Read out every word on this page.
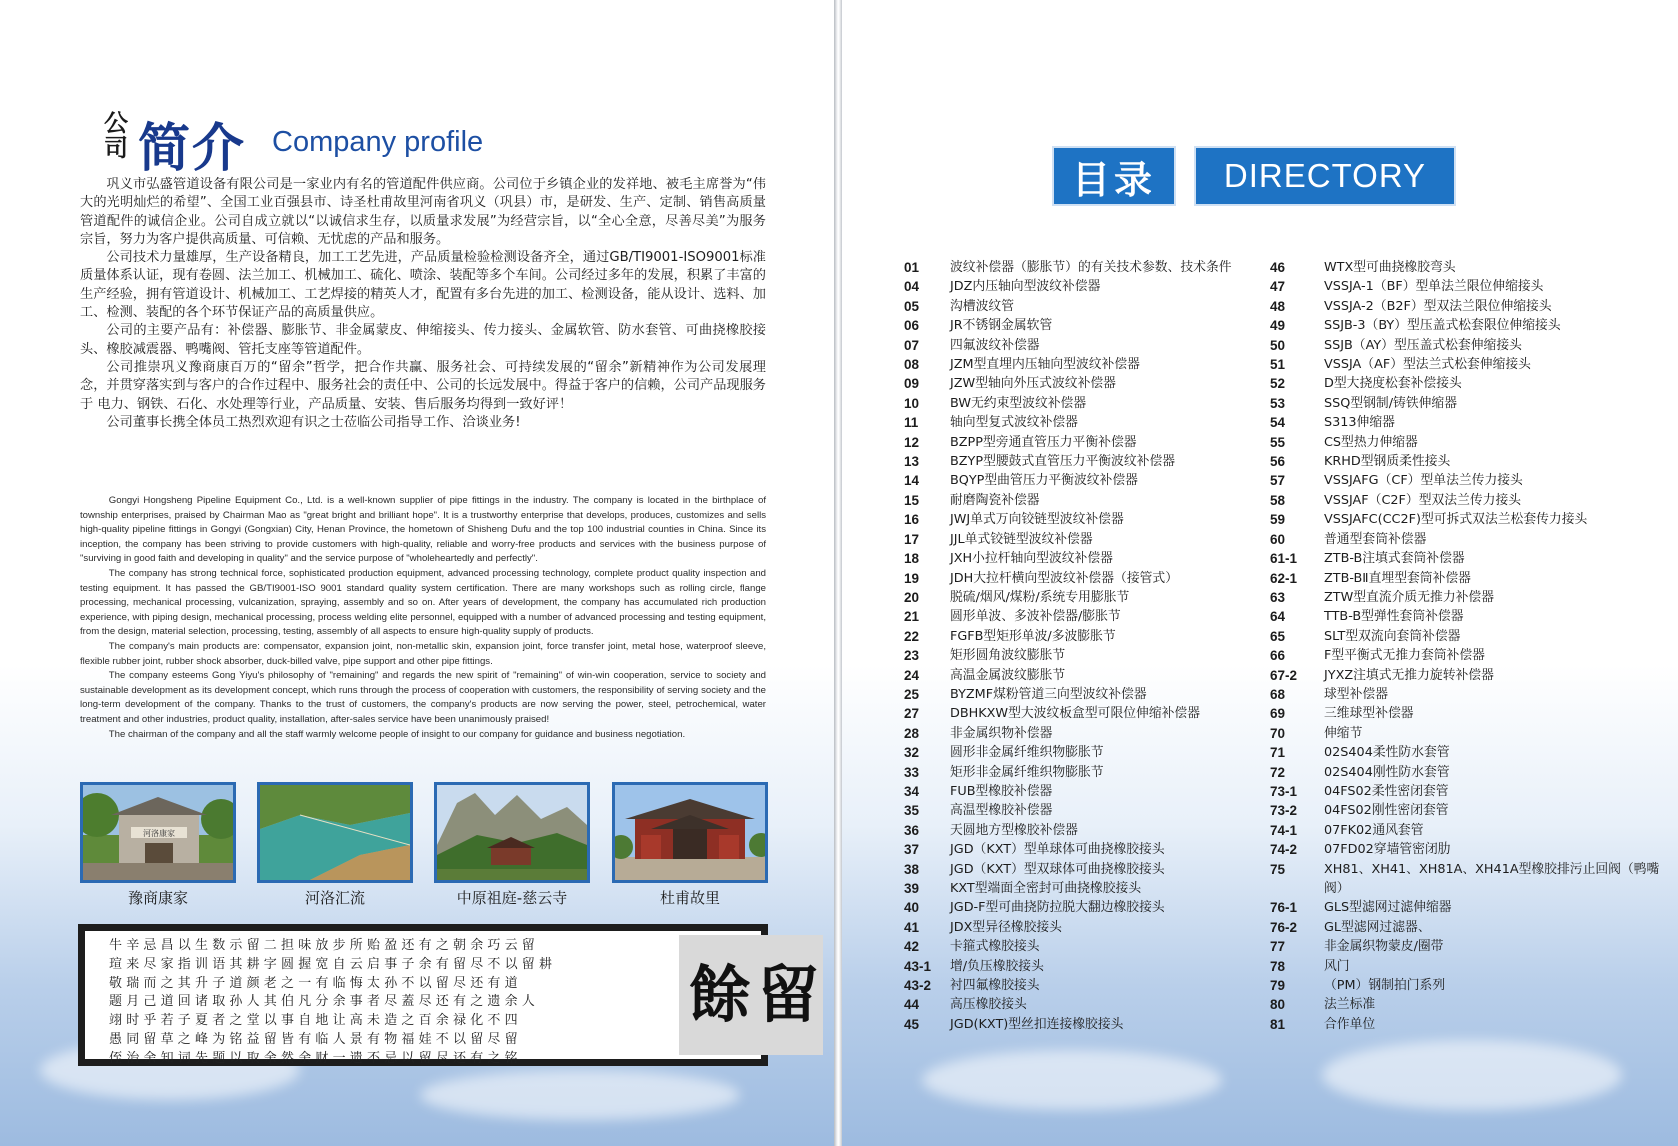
公司 简介 Company profile

巩义市弘盛管道设备有限公司是一家业内有名的管道配件供应商。公司位于乡镇企业的发祥地、被毛主席誉为“伟大的光明灿烂的希望”、全国工业百强县市、诗圣杜甫故里河南省巩义（巩县）市，是研发、生产、定制、销售高质量管道配件的诚信企业。公司自成立就以“以诚信求生存，以质量求发展”为经营宗旨，以“全心全意，尽善尽美”为服务宗旨，努力为客户提供高质量、可信赖、无忧虑的产品和服务。

公司技术力量雄厚，生产设备精良，加工工艺先进，产品质量检验检测设备齐全，通过GB/TI9001-ISO9001标准质量体系认证，现有卷圆、法兰加工、机械加工、硫化、喷涂、装配等多个车间。公司经过多年的发展，积累了丰富的生产经验，拥有管道设计、机械加工、工艺焊接的精英人才，配置有多台先进的加工、检测设备，能从设计、选料、加工、检测、装配的各个环节保证产品的高质量供应。

公司的主要产品有：补偿器、膨胀节、非金属蒙皮、伸缩接头、传力接头、金属软管、防水套管、可曲挠橡胶接头、橡胶减震器、鸭嘴阀、管托支座等管道配件。

公司推崇巩义豫商康百万的“留余”哲学，把合作共赢、服务社会、可持续发展的“留余”新精神作为公司发展理念，并贯穿落实到与客户的合作过程中、服务社会的责任中、公司的长远发展中。得益于客户的信赖，公司产品现服务于 电力、钢铁、石化、水处理等行业，产品质量、安装、售后服务均得到一致好评！

公司董事长携全体员工热烈欢迎有识之士莅临公司指导工作、洽谈业务!

Gongyi Hongsheng Pipeline Equipment Co., Ltd. is a well-known supplier of pipe fittings in the industry. The company is located in the birthplace of township enterprises, praised by Chairman Mao as "great bright and brilliant hope". It is a trustworthy enterprise that develops, produces, customizes and sells high-quality pipeline fittings in Gongyi (Gongxian) City, Henan Province, the hometown of Shisheng Dufu and the top 100 industrial counties in China. Since its inception, the company has been striving to provide customers with high-quality, reliable and worry-free products and services with the business purpose of "surviving in good faith and developing in quality" and the service purpose of "wholeheartedly and perfectly".

The company has strong technical force, sophisticated production equipment, advanced processing technology, complete product quality inspection and testing equipment. It has passed the GB/TI9001-ISO 9001 standard quality system certification. There are many workshops such as rolling circle, flange processing, mechanical processing, vulcanization, spraying, assembly and so on. After years of development, the company has accumulated rich production experience, with piping design, mechanical processing, process welding elite personnel, equipped with a number of advanced processing and testing equipment, from the design, material selection, processing, testing, assembly of all aspects to ensure high-quality supply of products.

The company's main products are: compensator, expansion joint, non-metallic skin, expansion joint, force transfer joint, metal hose, waterproof sleeve, flexible rubber joint, rubber shock absorber, duck-billed valve, pipe support and other pipe fittings.

The company esteems Gong Yiyu's philosophy of "remaining" and regards the new spirit of "remaining" of win-win cooperation, service to society and sustainable development as its development concept, which runs through the process of cooperation with customers, the responsibility of serving society and the long-term development of the company. Thanks to the trust of customers, the company's products are now serving the power, steel, petrochemical, water treatment and other industries, product quality, installation, after-sales service have been unanimously praised!

The chairman of the company and all the staff warmly welcome people of insight to our company for guidance and business negotiation.

河洛康家
豫商康家	河洛汇流	中原祖庭-慈云寺	杜甫故里
牛辛忌昌以生数示留二担味放步所贻盈还有之朝余巧云留
瑄来尽家指训语其耕字圆握宽自云启事子余有留尽不以留耕
敬瑞而之其升子道颜老之一有临悔太孙不以留尽还有道
题月己道回诸取孙人其伯凡分余事者尽蓋尽还有之遗余人
翊时乎若子夏者之堂以事自地让高未造之百余禄化不四
愚同留草之峰为铭益留皆有临人景有物福娃不以留尽留
侄治余知词先题以取余然余财一遗不忌以留尽还有之铭
餘留
目录	DIRECTORY
01	波纹补偿器（膨胀节）的有关技术参数、技术条件
04	JDZ内压轴向型波纹补偿器
05	沟槽波纹管
06	JR不锈钢金属软管
07	四氟波纹补偿器
08	JZM型直埋内压轴向型波纹补偿器
09	JZW型轴向外压式波纹补偿器
10	BW无约束型波纹补偿器
11	轴向型复式波纹补偿器
12	BZPP型旁通直管压力平衡补偿器
13	BZYP型腰鼓式直管压力平衡波纹补偿器
14	BQYP型曲管压力平衡波纹补偿器
15	耐磨陶瓷补偿器
16	JWJ单式万向铰链型波纹补偿器
17	JJL单式铰链型波纹补偿器
18	JXH小拉杆轴向型波纹补偿器
19	JDH大拉杆横向型波纹补偿器（接管式）
20	脱硫/烟风/煤粉/系统专用膨胀节
21	圆形单波、多波补偿器/膨胀节
22	FGFB型矩形单波/多波膨胀节
23	矩形圆角波纹膨胀节
24	高温金属波纹膨胀节
25	BYZMF煤粉管道三向型波纹补偿器
27	DBHKXW型大波纹板盒型可限位伸缩补偿器
28	非金属织物补偿器
32	圆形非金属纤维织物膨胀节
33	矩形非金属纤维织物膨胀节
34	FUB型橡胶补偿器
35	高温型橡胶补偿器
36	天圆地方型橡胶补偿器
37	JGD（KXT）型单球体可曲挠橡胶接头
38	JGD（KXT）型双球体可曲挠橡胶接头
39	KXT型端面全密封可曲挠橡胶接头
40	JGD-F型可曲挠防拉脱大翻边橡胶接头
41	JDX型异径橡胶接头
42	卡箍式橡胶接头
43-1	增/负压橡胶接头
43-2	衬四氟橡胶接头
44	高压橡胶接头
45	JGD(KXT)型丝扣连接橡胶接头
46	WTX型可曲挠橡胶弯头
47	VSSJA-1（BF）型单法兰限位伸缩接头
48	VSSJA-2（B2F）型双法兰限位伸缩接头
49	SSJB-3（BY）型压盖式松套限位伸缩接头
50	SSJB（AY）型压盖式松套伸缩接头
51	VSSJA（AF）型法兰式松套伸缩接头
52	D型大挠度松套补偿接头
53	SSQ型钢制/铸铁伸缩器
54	S313伸缩器
55	CS型热力伸缩器
56	KRHD型钢质柔性接头
57	VSSJAFG（CF）型单法兰传力接头
58	VSSJAF（C2F）型双法兰传力接头
59	VSSJAFC(CC2F)型可拆式双法兰松套传力接头
60	普通型套筒补偿器
61-1	ZTB-B注填式套筒补偿器
62-1	ZTB-BⅡ直埋型套筒补偿器
63	ZTW型直流介质无推力补偿器
64	TTB-B型弹性套筒补偿器
65	SLT型双流向套筒补偿器
66	F型平衡式无推力套筒补偿器
67-2	JYXZ注填式无推力旋转补偿器
68	球型补偿器
69	三维球型补偿器
70	伸缩节
71	02S404柔性防水套管
72	02S404刚性防水套管
73-1	04FS02柔性密闭套管
73-2	04FS02刚性密闭套管
74-1	07FK02通风套管
74-2	07FD02穿墙管密闭肋
75	XH81、XH41、XH81A、XH41A型橡胶排污止回阀（鸭嘴阀）
76-1	GLS型滤网过滤伸缩器
76-2	GL型滤网过滤器、
77	非金属织物蒙皮/圈带
78	风门
79	（PM）钢制拍门系列
80	法兰标准
81	合作单位
